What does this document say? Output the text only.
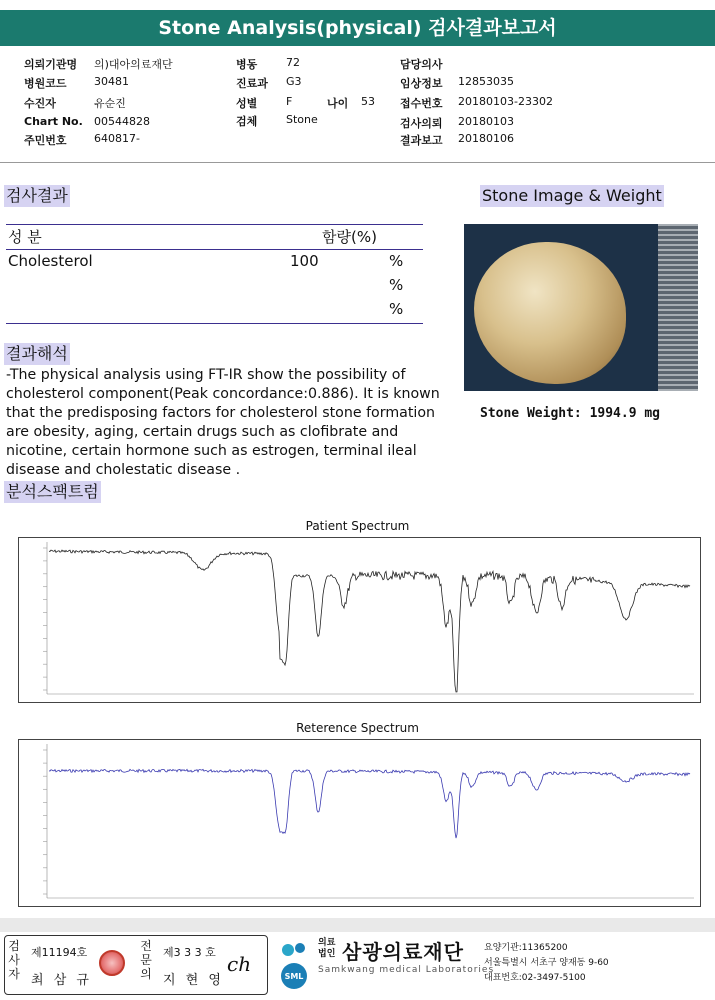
Stone Analysis(physical) 검사결과보고서
의뢰기관명 의)대아의료재단
병원코드 30481
수진자	유순진
Chart No. 00544828
주민번호 640817-
병동	72
진료과 G3
성별	F
검체	Stone
나이 53
담당의사
임상정보 12853035
접수번호 20180103-23302
검사의뢰 20180103
결과보고 20180106
검사결과
성 분	함량(%)
Cholesterol	100	%
%
%
결과해석
-The physical analysis using FT-IR show the possibility of cholesterol component(Peak concordance:0.886). It is known that the predisposing factors for cholesterol stone formation are obesity, aging, certain drugs such as clofibrate and nicotine, certain hormone such as estrogen, terminal ileal disease and cholestatic disease .
Stone Image & Weight
Stone Weight: 1994.9 mg
분석스팩트럼
Patient Spectrum
Reterence Spectrum
검사자
제11194호
최 삼 규
전문의
제3 3 3 호
지 현 영
ch
SML
의료법인 삼광의료재단
Samkwang medical Laboratories
요양기관:11365200
서울특별시 서초구 양재동 9-60
대표번호:02-3497-5100
